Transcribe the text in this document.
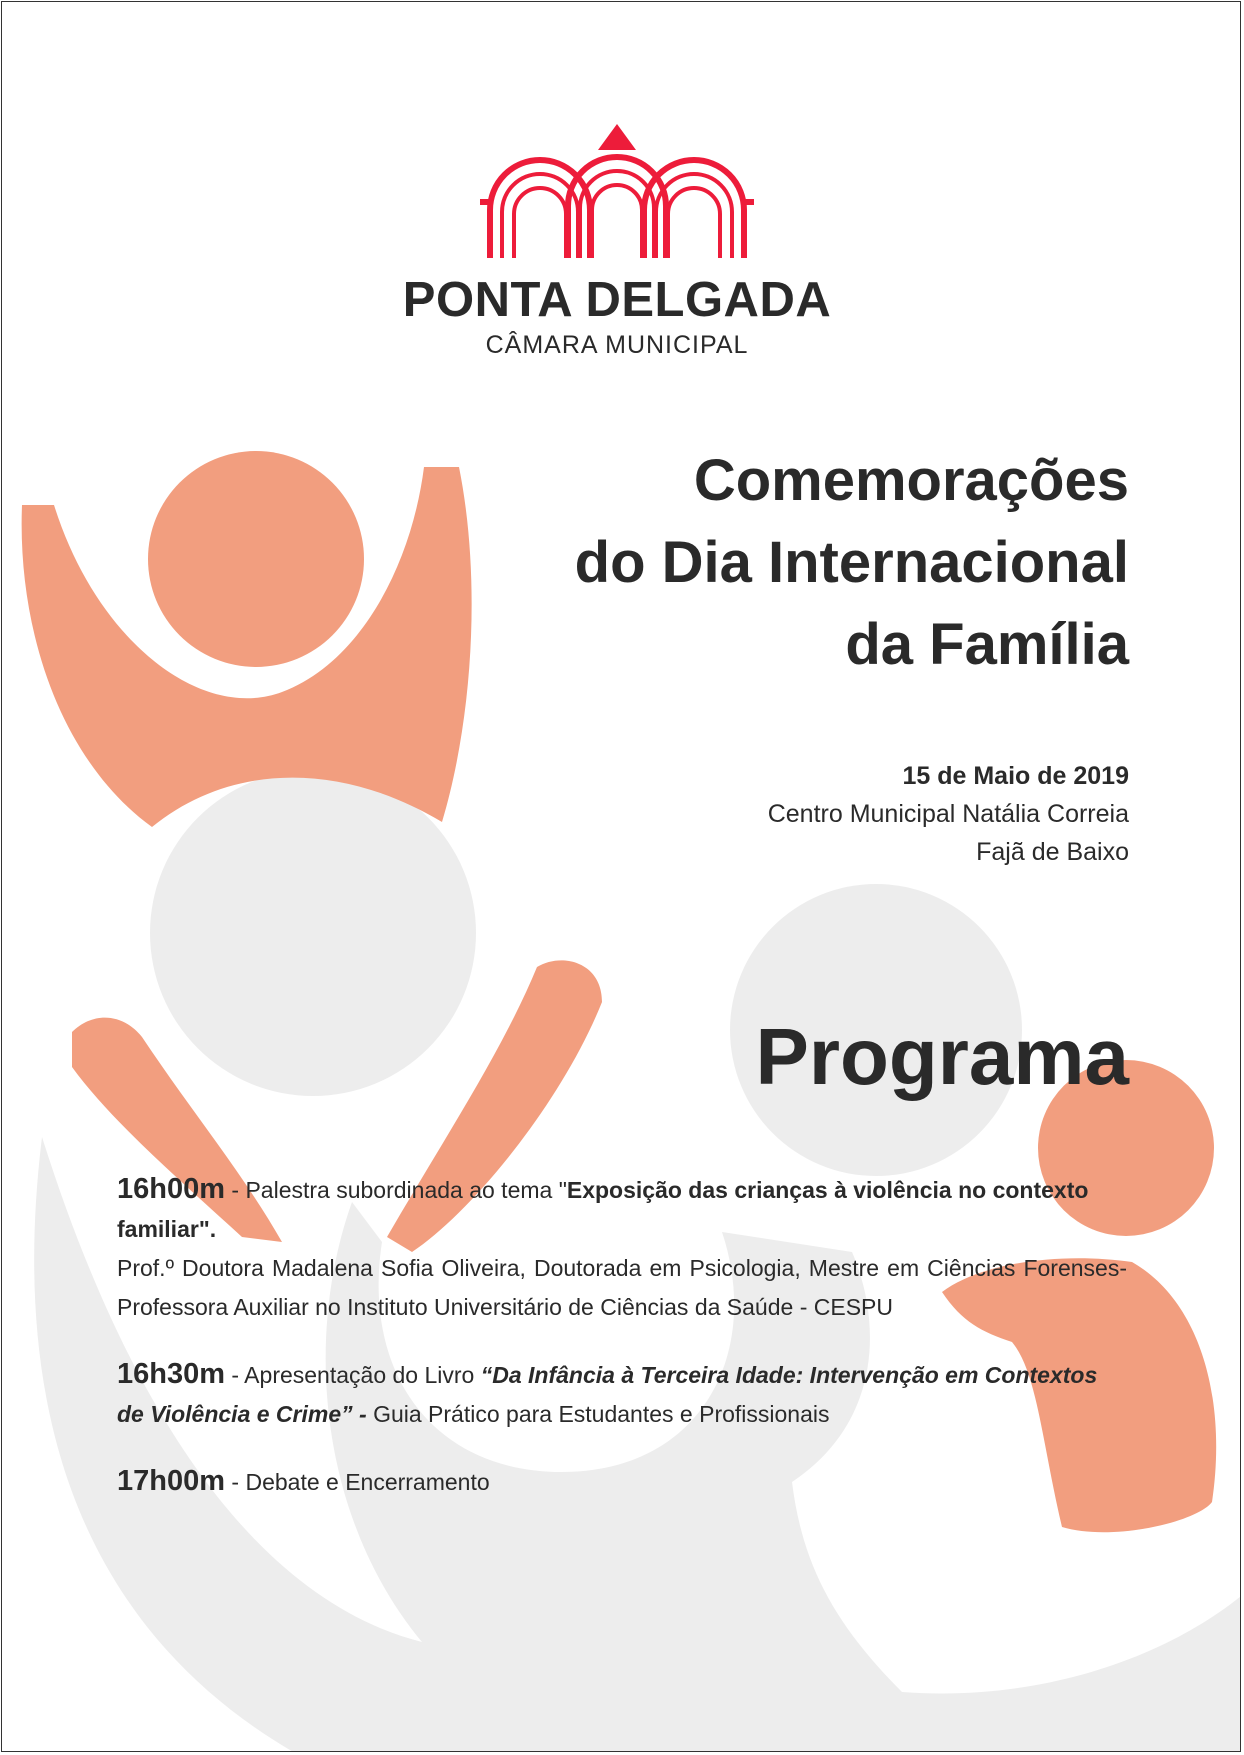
PONTA DELGADA
CÂMARA MUNICIPAL
Comemorações
do Dia Internacional
da Família
15 de Maio de 2019
Centro Municipal Natália Correia
Fajã de Baixo
Programa
16h00m - Palestra subordinada ao tema "Exposição das crianças à violência no contexto familiar".
Prof.º Doutora Madalena Sofia Oliveira, Doutorada em Psicologia, Mestre em Ciências Forenses- Professora Auxiliar no Instituto Universitário de Ciências da Saúde - CESPU
16h30m - Apresentação do Livro “Da Infância à Terceira Idade: Intervenção em Contextos de Violência e Crime” - Guia Prático para Estudantes e Profissionais
17h00m - Debate e Encerramento
